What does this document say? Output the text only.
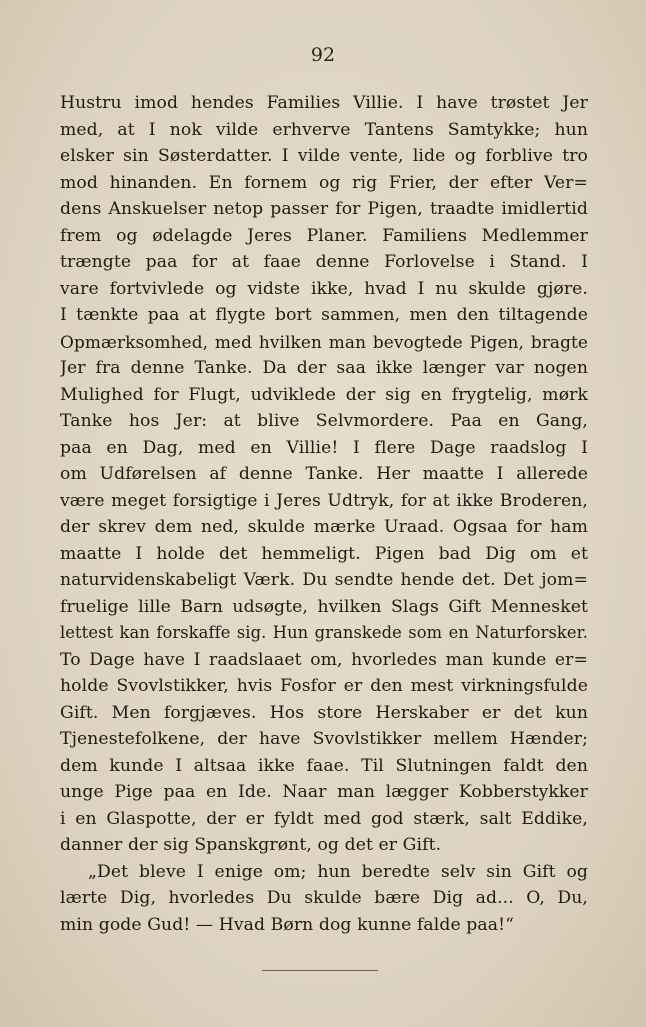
92
Hustru imod hendes Families Villie. I have trøstet Jer
med, at I nok vilde erhverve Tantens Samtykke; hun
elsker sin Søsterdatter. I vilde vente, lide og forblive tro
mod hinanden. En fornem og rig Frier, der efter Ver=
dens Anskuelser netop passer for Pigen, traadte imidlertid
frem og ødelagde Jeres Planer. Familiens Medlemmer
trængte paa for at faae denne Forlovelse i Stand. I
vare fortvivlede og vidste ikke, hvad I nu skulde gjøre.
I tænkte paa at flygte bort sammen, men den tiltagende
Opmærksomhed, med hvilken man bevogtede Pigen, bragte
Jer fra denne Tanke. Da der saa ikke længer var nogen
Mulighed for Flugt, udviklede der sig en frygtelig, mørk
Tanke hos Jer: at blive Selvmordere. Paa en Gang,
paa en Dag, med en Villie! I flere Dage raadslog I
om Udførelsen af denne Tanke. Her maatte I allerede
være meget forsigtige i Jeres Udtryk, for at ikke Broderen,
der skrev dem ned, skulde mærke Uraad. Ogsaa for ham
maatte I holde det hemmeligt. Pigen bad Dig om et
naturvidenskabeligt Værk. Du sendte hende det. Det jom=
fruelige lille Barn udsøgte, hvilken Slags Gift Mennesket
lettest kan forskaffe sig. Hun granskede som en Naturforsker.
To Dage have I raadslaaet om, hvorledes man kunde er=
holde Svovlstikker, hvis Fosfor er den mest virkningsfulde
Gift. Men forgjæves. Hos store Herskaber er det kun
Tjenestefolkene, der have Svovlstikker mellem Hænder;
dem kunde I altsaa ikke faae. Til Slutningen faldt den
unge Pige paa en Ide. Naar man lægger Kobberstykker
i en Glaspotte, der er fyldt med god stærk, salt Eddike,
danner der sig Spanskgrønt, og det er Gift.
„Det bleve I enige om; hun beredte selv sin Gift og
lærte Dig, hvorledes Du skulde bære Dig ad... O, Du,
min gode Gud! — Hvad Børn dog kunne falde paa!“
